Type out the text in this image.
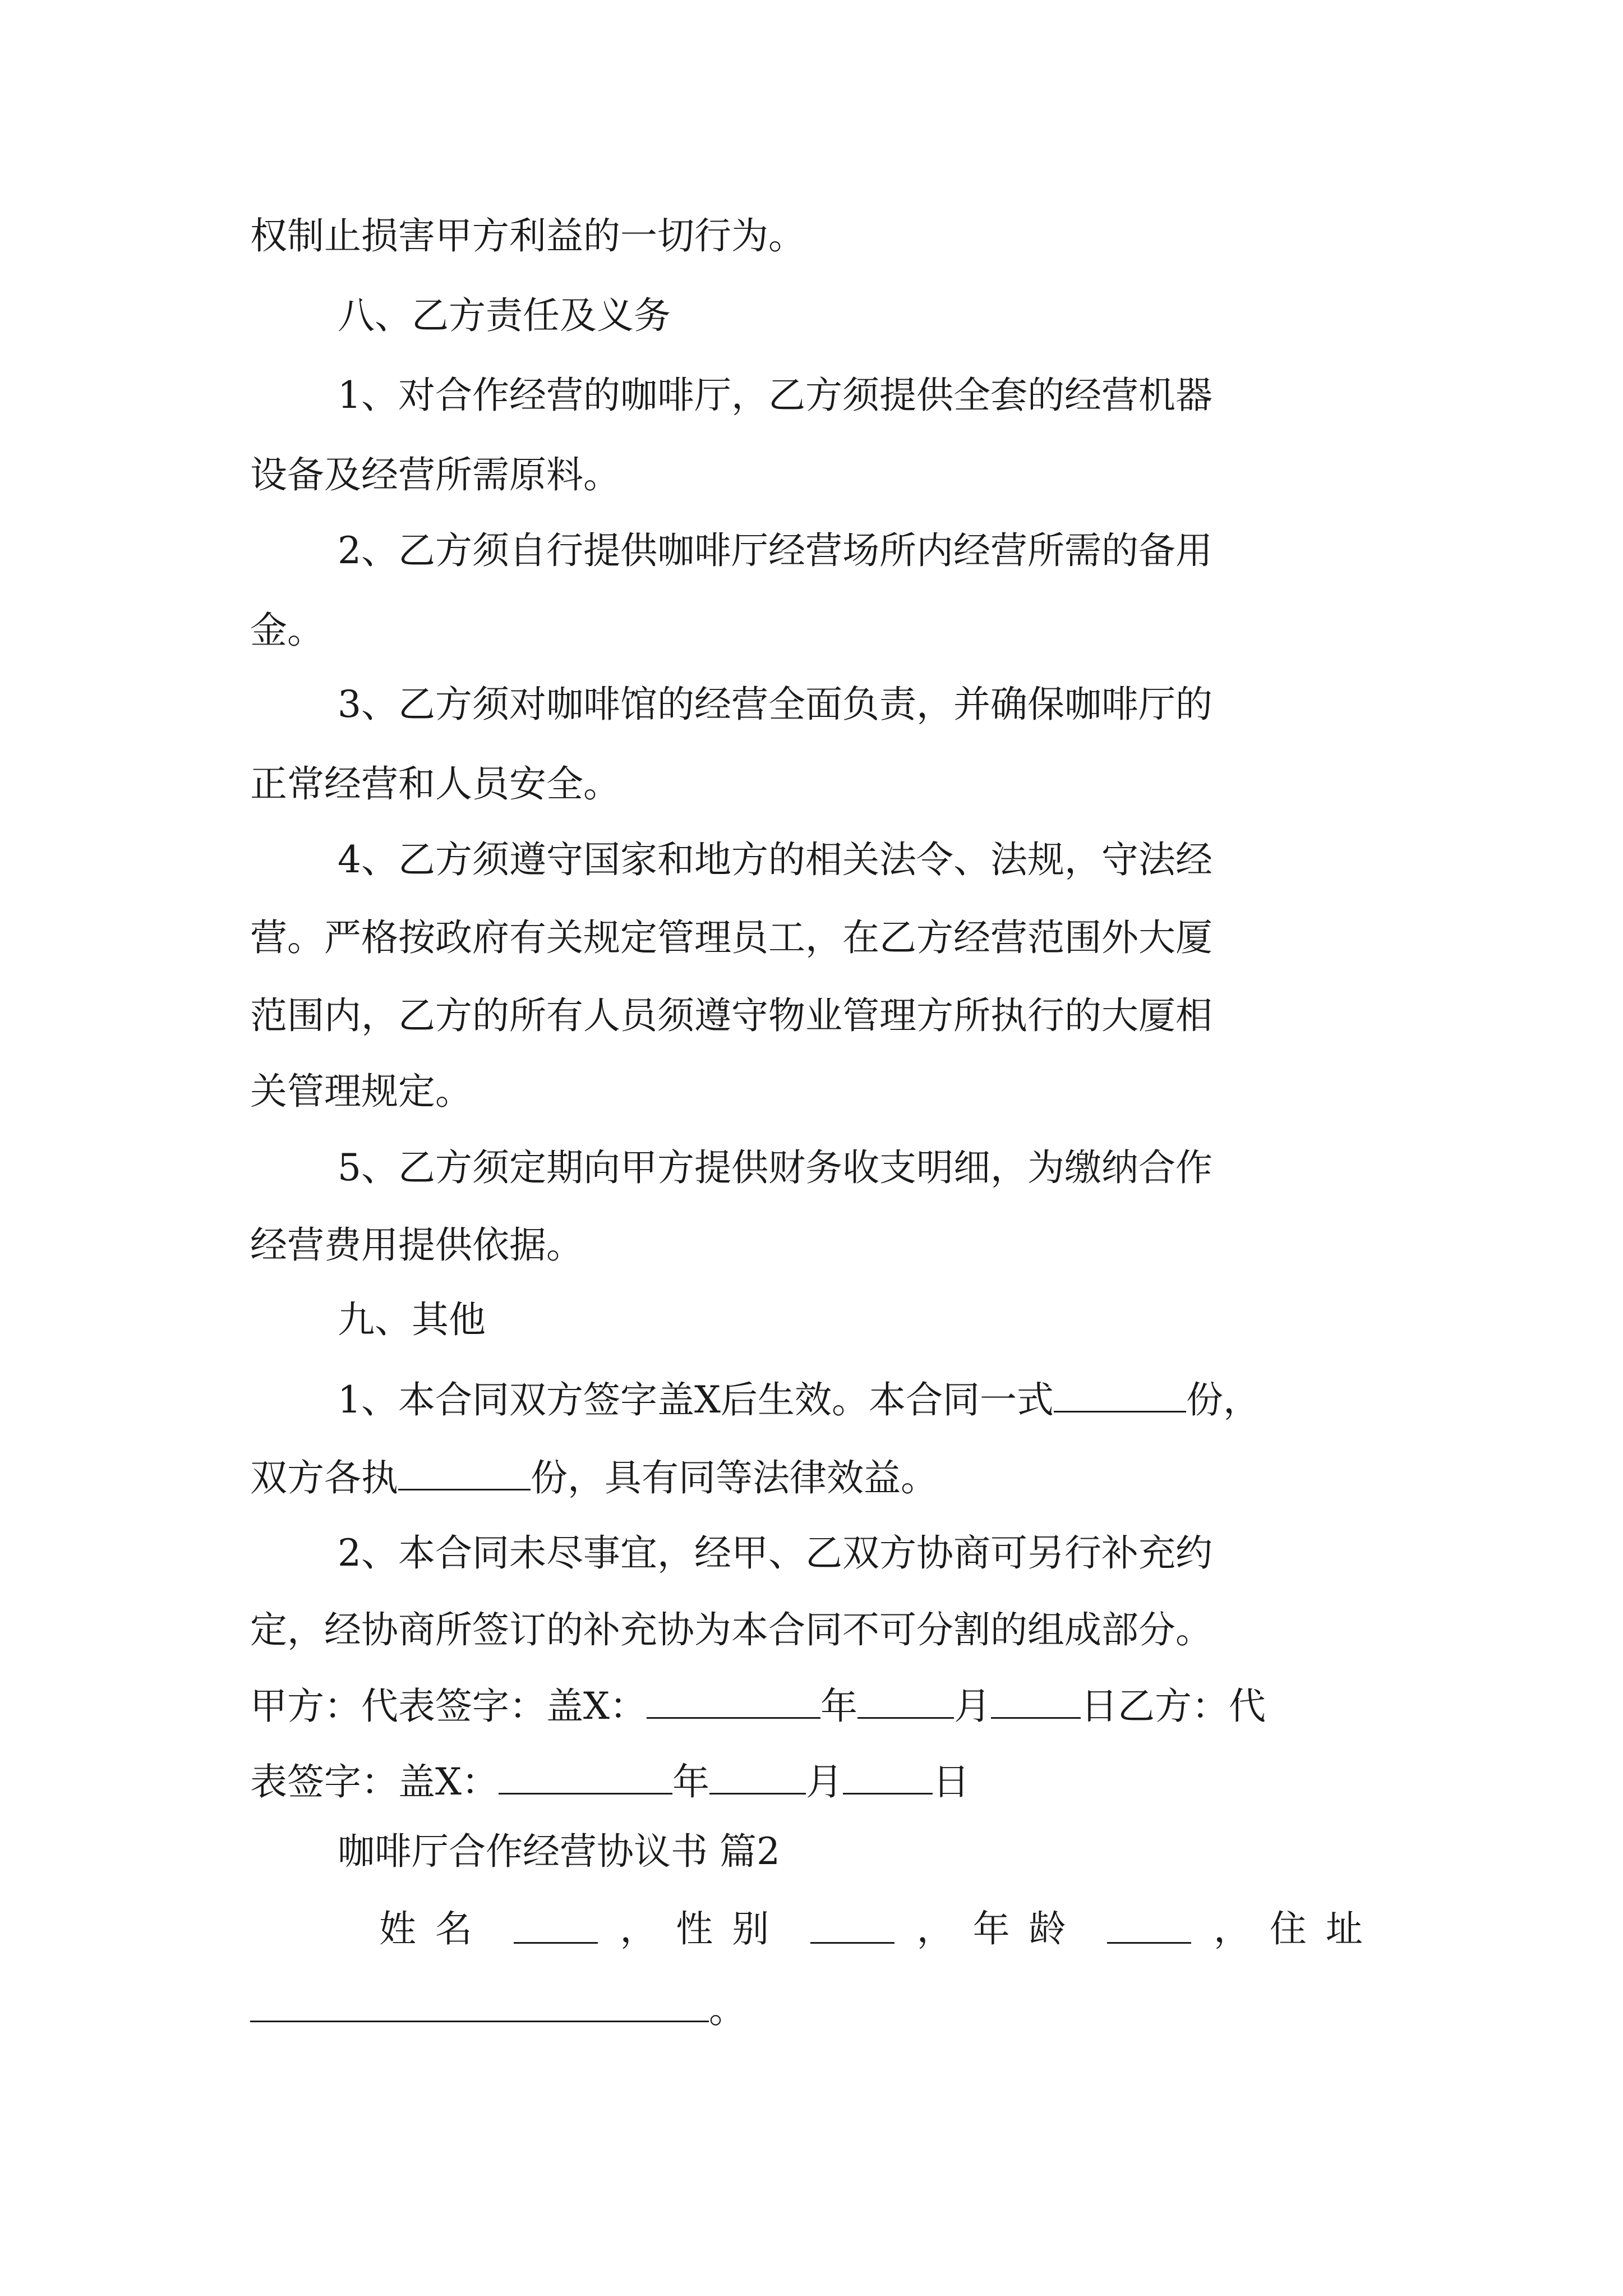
权制止损害甲方利益的一切行为。
八、乙方责任及义务
1、对合作经营的咖啡厅，乙方须提供全套的经营机器
设备及经营所需原料。
2、乙方须自行提供咖啡厅经营场所内经营所需的备用
金。
3、乙方须对咖啡馆的经营全面负责，并确保咖啡厅的
正常经营和人员安全。
4、乙方须遵守国家和地方的相关法令、法规，守法经
营。严格按政府有关规定管理员工，在乙方经营范围外大厦
范围内，乙方的所有人员须遵守物业管理方所执行的大厦相
关管理规定。
5、乙方须定期向甲方提供财务收支明细，为缴纳合作
经营费用提供依据。
九、其他
1、本合同双方签字盖X后生效。本合同一式	份，
双方各执	份，具有同等法律效益。
2、本合同未尽事宜，经甲、乙双方协商可另行补充约
定，经协商所签订的补充协为本合同不可分割的组成部分。
甲方：代表签字：盖X：	年	月 日乙方：代
表签字：盖X：	年	月 日
咖啡厅合作经营协议书 篇2
姓名	，性别	，年龄	，住址
。
